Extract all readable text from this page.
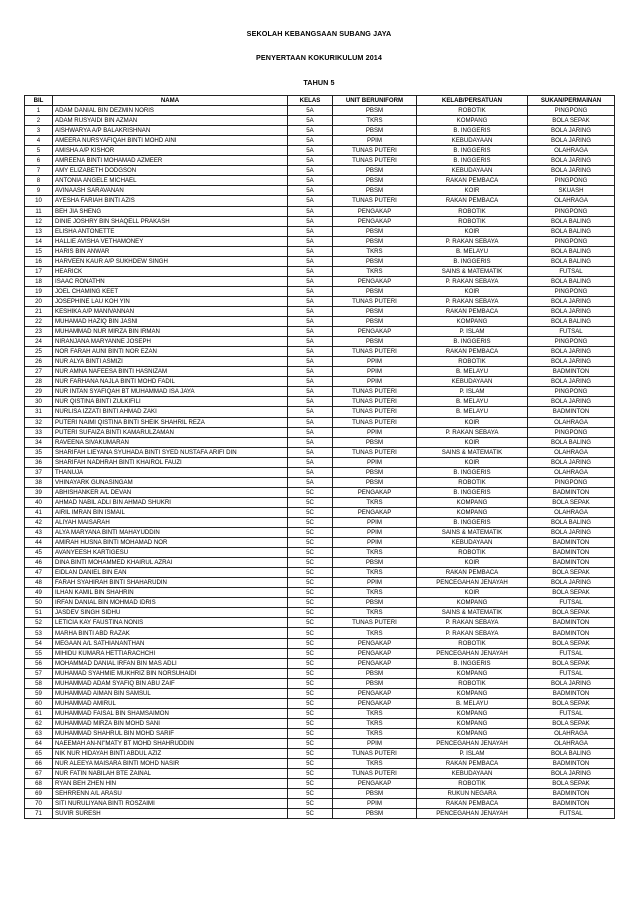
SEKOLAH KEBANGSAAN SUBANG JAYA
PENYERTAAN KOKURIKULUM 2014
TAHUN 5
BIL	NAMA	KELAS	UNIT BERUNIFORM	KELAB/PERSATUAN	SUKAN/PERMAINAN
1	ADAM DANIAL BIN DEZMIN NORIS	5A	PBSM	ROBOTIK	PINGPONG
2	ADAM RUSYAIDI BIN AZMAN	5A	TKRS	KOMPANG	BOLA SEPAK
3	AISHWARYA A/P BALAKRISHNAN	5A	PBSM	B. INGGERIS	BOLA JARING
4	AMEERA NURSYAFIQAH BINTI MOHD AINI	5A	PPIM	KEBUDAYAAN	BOLA JARING
5	AMISHA A/P KISHOR	5A	TUNAS PUTERI	B. INGGERIS	OLAHRAGA
6	AMREENA BINTI MOHAMAD AZMEER	5A	TUNAS PUTERI	B. INGGERIS	BOLA JARING
7	AMY ELIZABETH DODGSON	5A	PBSM	KEBUDAYAAN	BOLA JARING
8	ANTONIA ANGELE MICHAEL	5A	PBSM	RAKAN PEMBACA	PINGPONG
9	AVINAASH SARAVANAN	5A	PBSM	KOIR	SKUASH
10	AYESHA FARIAH BINTI AZIS	5A	TUNAS PUTERI	RAKAN PEMBACA	OLAHRAGA
11	BEH JIA SHENG	5A	PENGAKAP	ROBOTIK	PINGPONG
12	DINIE JOSHRY BIN SHAQELL PRAKASH	5A	PENGAKAP	ROBOTIK	BOLA BALING
13	ELISHA ANTONETTE	5A	PBSM	KOIR	BOLA BALING
14	HALLIE AVISHA VETHAMONEY	5A	PBSM	P. RAKAN SEBAYA	PINGPONG
15	HARIS BIN ANWAR	5A	TKRS	B. MELAYU	BOLA BALING
16	HARVEEN KAUR A/P SUKHDEW SINGH	5A	PBSM	B. INGGERIS	BOLA BALING
17	HEARICK	5A	TKRS	SAINS & MATEMATIK	FUTSAL
18	ISAAC RONATHN	5A	PENGAKAP	P. RAKAN SEBAYA	BOLA BALING
19	JOEL CHAMING KEET	5A	PBSM	KOIR	PINGPONG
20	JOSEPHINE LAU KOH YIN	5A	TUNAS PUTERI	P. RAKAN SEBAYA	BOLA JARING
21	KESHIKA A/P MANIVANNAN	5A	PBSM	RAKAN PEMBACA	BOLA JARING
22	MUHAMAD HAZIQ BIN JASNI	5A	PBSM	KOMPANG	BOLA BALING
23	MUHAMMAD NUR MIRZA BIN IRMAN	5A	PENGAKAP	P. ISLAM	FUTSAL
24	NIRANJANA MARYANNE JOSEPH	5A	PBSM	B. INGGERIS	PINGPONG
25	NOR FARAH AUNI BINTI NOR EZAN	5A	TUNAS PUTERI	RAKAN PEMBACA	BOLA JARING
26	NUR ALYA BINTI ASMIZI	5A	PPIM	ROBOTIK	BOLA JARING
27	NUR AMNA NAFEESA BINTI HASNIZAM	5A	PPIM	B. MELAYU	BADMINTON
28	NUR FARHANA NAJLA BINTI MOHD FADIL	5A	PPIM	KEBUDAYAAN	BOLA JARING
29	NUR INTAN SYAFIQAH BT MUHAMMAD ISA JAYA	5A	TUNAS PUTERI	P. ISLAM	PINGPONG
30	NUR QISTINA BINTI ZULKIFILI	5A	TUNAS PUTERI	B. MELAYU	BOLA JARING
31	NURLISA IZZATI BINTI AHMAD ZAKI	5A	TUNAS PUTERI	B. MELAYU	BADMINTON
32	PUTERI NAIMI QISTINA BINTI SHEIK SHAHRIL REZA	5A	TUNAS PUTERI	KOIR	OLAHRAGA
33	PUTERI SUFAIZA BINTI KAMARULZAMAN	5A	PPIM	P. RAKAN SEBAYA	PINGPONG
34	RAVEENA SIVAKUMARAN	5A	PBSM	KOIR	BOLA BALING
35	SHARIFAH LIEYANA SYUHADA BINTI SYED NUSTAFA ARIFI DIN	5A	TUNAS PUTERI	SAINS & MATEMATIK	OLAHRAGA
36	SHARIFAH NADHRAH BINTI KHAIROL FAUZI	5A	PPIM	KOIR	BOLA JARING
37	THANUJA	5A	PBSM	B. INGGERIS	OLAHRAGA
38	VHINAYARK GUNASINGAM	5A	PBSM	ROBOTIK	PINGPONG
39	ABHISHANKER A/L DEVAN	5C	PENGAKAP	B. INGGERIS	BADMINTON
40	AHMAD NABIL ADLI BIN AHMAD SHUKRI	5C	TKRS	KOMPANG	BOLA SEPAK
41	AIRIL IMRAN BIN ISMAIL	5C	PENGAKAP	KOMPANG	OLAHRAGA
42	ALIYAH MAISARAH	5C	PPIM	B. INGGERIS	BOLA BALING
43	ALYA MARYANA BINTI MAHAYUDDIN	5C	PPIM	SAINS & MATEMATIK	BOLA JARING
44	AMIRAH HUSNA BINTI MOHAMAD NOR	5C	PPIM	KEBUDAYAAN	BADMINTON
45	AVANYEESH KARTIGESU	5C	TKRS	ROBOTIK	BADMINTON
46	DINA BINTI MOHAMMED KHAIRUL AZRAI	5C	PBSM	KOIR	BADMINTON
47	EIDLAN DANIEL BIN EAN	5C	TKRS	RAKAN PEMBACA	BOLA SEPAK
48	FARAH SYAHIRAH BINTI SHAHARUDIN	5C	PPIM	PENCEGAHAN JENAYAH	BOLA JARING
49	ILHAN KAMIL BIN SHAHRIN	5C	TKRS	KOIR	BOLA SEPAK
50	IRFAN DANIAL BIN MOHMAD IDRIS	5C	PBSM	KOMPANG	FUTSAL
51	JASDEV SINGH SIDHU	5C	TKRS	SAINS & MATEMATIK	BOLA SEPAK
52	LETICIA KAY FAUSTINA NONIS	5C	TUNAS PUTERI	P. RAKAN SEBAYA	BADMINTON
53	MARHA BINTI ABD RAZAK	5C	TKRS	P. RAKAN SEBAYA	BADMINTON
54	MEGAAN A/L SATHIANANTHAN	5C	PENGAKAP	ROBOTIK	BOLA SEPAK
55	MIHIDU KUMARA HETTIARACHCHI	5C	PENGAKAP	PENCEGAHAN JENAYAH	FUTSAL
56	MOHAMMAD DANIAL IRFAN BIN MAS ADLI	5C	PENGAKAP	B. INGGERIS	BOLA SEPAK
57	MUHAMAD SYAHMIE MUKHRIZ BIN NORSUHAIDI	5C	PBSM	KOMPANG	FUTSAL
58	MUHAMMAD ADAM SYAFIQ BIN ABU ZAIF	5C	PBSM	ROBOTIK	BOLA JARING
59	MUHAMMAD AIMAN BIN SAMSUL	5C	PENGAKAP	KOMPANG	BADMINTON
60	MUHAMMAD AMIRUL	5C	PENGAKAP	B. MELAYU	BOLA SEPAK
61	MUHAMMAD FAISAL BIN SHAMSAIMON	5C	TKRS	KOMPANG	FUTSAL
62	MUHAMMAD MIRZA BIN MOHD SANI	5C	TKRS	KOMPANG	BOLA SEPAK
63	MUHAMMAD SHAHRUL BIN MOHD SARIF	5C	TKRS	KOMPANG	OLAHRAGA
64	NAEEMAH AN-NI''MATY BT MOHD SHAHRUDDIN	5C	PPIM	PENCEGAHAN JENAYAH	OLAHRAGA
65	NIK NUR HIDAYAH BINTI ABDUL AZIZ	5C	TUNAS PUTERI	P. ISLAM	BOLA BALING
66	NUR ALEEYA MAISARA BINTI MOHD NASIR	5C	TKRS	RAKAN PEMBACA	BADMINTON
67	NUR FATIN NABILAH BTE ZAINAL	5C	TUNAS PUTERI	KEBUDAYAAN	BOLA JARING
68	RYAN BEH ZHEN HIN	5C	PENGAKAP	ROBOTIK	BOLA SEPAK
69	SEHRRENN A/L ARASU	5C	PBSM	RUKUN NEGARA	BADMINTON
70	SITI NURULIYANA BINTI ROSZAIMI	5C	PPIM	RAKAN PEMBACA	BADMINTON
71	SUVIR SURESH	5C	PBSM	PENCEGAHAN JENAYAH	FUTSAL
